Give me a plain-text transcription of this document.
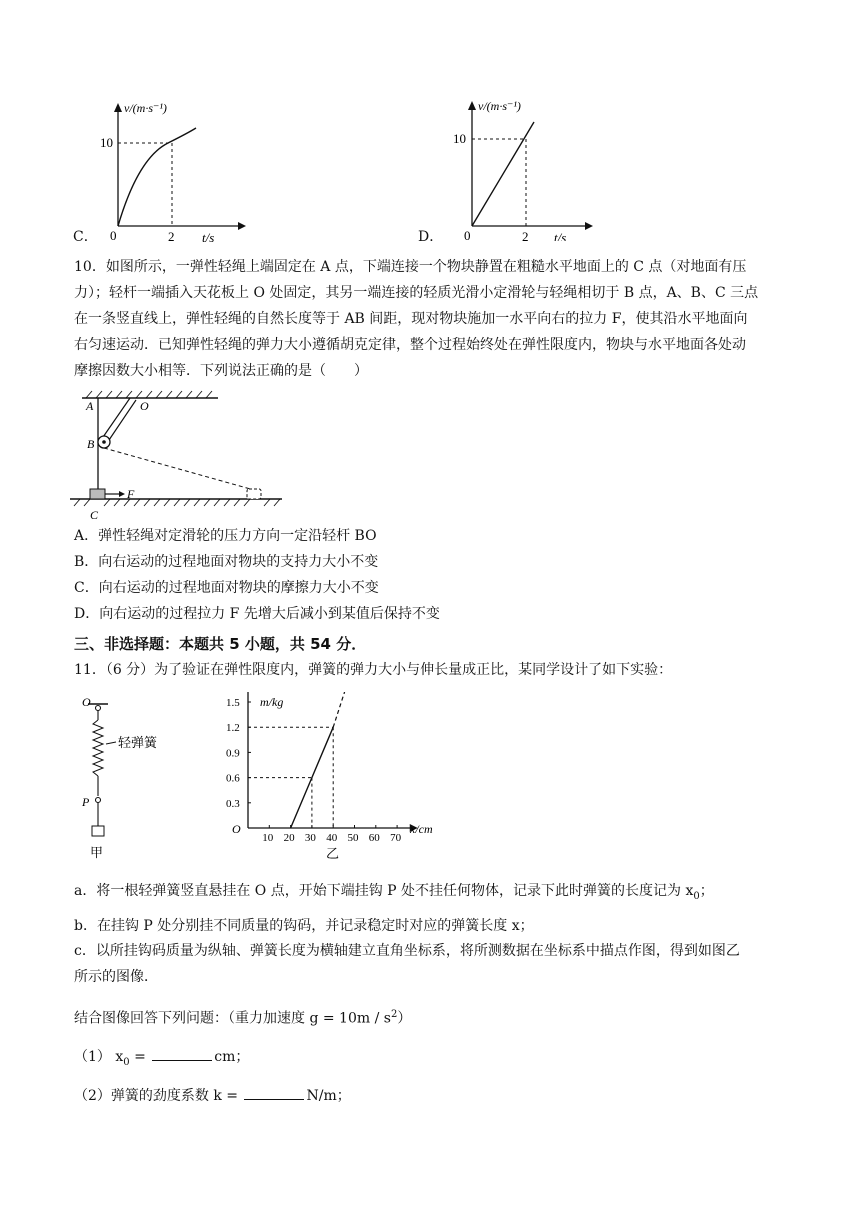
C．
v/(m·s⁻¹)
10
0	2 t/s	D．
v/(m·s⁻¹)
10
0	2 t/s
10．如图所示，一弹性轻绳上端固定在 A 点，下端连接一个物块静置在粗糙水平地面上的 C 点（对地面有压
力）；轻杆一端插入天花板上 O 处固定，其另一端连接的轻质光滑小定滑轮与轻绳相切于 B 点，A、B、C 三点
在一条竖直线上，弹性轻绳的自然长度等于 AB 间距，现对物块施加一水平向右的拉力 F，使其沿水平地面向
右匀速运动．已知弹性轻绳的弹力大小遵循胡克定律，整个过程始终处在弹性限度内，物块与水平地面各处动
摩擦因数大小相等．下列说法正确的是（　　）
A	O
B
F
C
A．弹性轻绳对定滑轮的压力方向一定沿轻杆 BO
B．向右运动的过程地面对物块的支持力大小不变
C．向右运动的过程地面对物块的摩擦力大小不变
D．向右运动的过程拉力 F 先增大后减小到某值后保持不变
三、非选择题：本题共 5 小题，共 54 分．
11．（6 分）为了验证在弹性限度内，弹簧的弹力大小与伸长量成正比，某同学设计了如下实验：
O
轻弹簧
P
甲
0.3
0.6
0.9
1.2
1.5
10 20 30 40 50 60 70
m/kg
x/cm
O
乙
a．将一根轻弹簧竖直悬挂在 O 点，开始下端挂钩 P 处不挂任何物体，记录下此时弹簧的长度记为 $x_0$；
b．在挂钩 P 处分别挂不同质量的钩码，并记录稳定时对应的弹簧长度 x；
c．以所挂钩码质量为纵轴、弹簧长度为横轴建立直角坐标系，将所测数据在坐标系中描点作图，得到如图乙
所示的图像．
结合图像回答下列问题：（重力加速度 $g = 10m / s^2$）
（1） $x_0$ =	cm；
（2）弹簧的劲度系数 k =	N/m；
